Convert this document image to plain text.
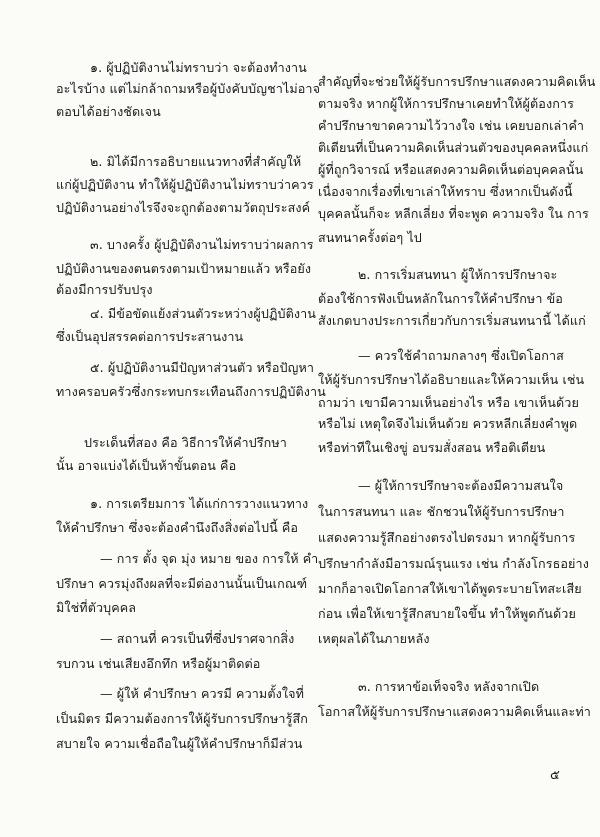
๑. ผู้ปฏิบัติงานไม่ทราบว่า จะต้องทำงาน
อะไรบ้าง แต่ไม่กล้าถามหรือผู้บังคับบัญชาไม่อาจ
ตอบได้อย่างชัดเจน
๒. มิได้มีการอธิบายแนวทางที่สำคัญให้
แก่ผู้ปฏิบัติงาน ทำให้ผู้ปฏิบัติงานไม่ทราบว่าควร
ปฏิบัติงานอย่างไรจึงจะถูกต้องตามวัตถุประสงค์
๓. บางครั้ง ผู้ปฏิบัติงานไม่ทราบว่าผลการ
ปฏิบัติงานของตนตรงตามเป้าหมายแล้ว หรือยัง
ต้องมีการปรับปรุง
๔. มีข้อขัดแย้งส่วนตัวระหว่างผู้ปฏิบัติงาน
ซึ่งเป็นอุปสรรคต่อการประสานงาน
๕. ผู้ปฏิบัติงานมีปัญหาส่วนตัว หรือปัญหา
ทางครอบครัวซึ่งกระทบกระเทือนถึงการปฏิบัติงาน
ประเด็นที่สอง คือ วิธีการให้คำปรึกษา
นั้น อาจแบ่งได้เป็นห้าขั้นตอน คือ
๑. การเตรียมการ ได้แก่การวางแนวทาง
ให้คำปรึกษา ซึ่งจะต้องคำนึงถึงสิ่งต่อไปนี้ คือ
— การ ตั้ง จุด มุ่ง หมาย ของ การให้ คำ
ปรึกษา ควรมุ่งถึงผลที่จะมีต่องานนั้นเป็นเกณฑ์
มิใช่ที่ตัวบุคคล
— สถานที่ ควรเป็นที่ซึ่งปราศจากสิ่ง
รบกวน เช่นเสียงอึกทึก หรือผู้มาติดต่อ
— ผู้ให้ คำปรึกษา ควรมี ความตั้งใจที่
เป็นมิตร มีความต้องการให้ผู้รับการปรึกษารู้สึก
สบายใจ ความเชื่อถือในผู้ให้คำปรึกษาก็มีส่วน
สำคัญที่จะช่วยให้ผู้รับการปรึกษาแสดงความคิดเห็น
ตามจริง หากผู้ให้การปรึกษาเคยทำให้ผู้ต้องการ
คำปรึกษาขาดความไว้วางใจ เช่น เคยบอกเล่าคำ
ติเตียนที่เป็นความคิดเห็นส่วนตัวของบุคคลหนึ่งแก่
ผู้ที่ถูกวิจารณ์ หรือแสดงความคิดเห็นต่อบุคคลนั้น
เนื่องจากเรื่องที่เขาเล่าให้ทราบ ซึ่งหากเป็นดังนี้
บุคคลนั้นก็จะ หลีกเลี่ยง ที่จะพูด ความจริง ใน การ
สนทนาครั้งต่อๆ ไป
๒. การเริ่มสนทนา ผู้ให้การปรึกษาจะ
ต้องใช้การฟังเป็นหลักในการให้คำปรึกษา ข้อ
สังเกตบางประการเกี่ยวกับการเริ่มสนทนานี้ ได้แก่
— ควรใช้คำถามกลางๆ ซึ่งเปิดโอกาส
ให้ผู้รับการปรึกษาได้อธิบายและให้ความเห็น เช่น
ถามว่า เขามีความเห็นอย่างไร หรือ เขาเห็นด้วย
หรือไม่ เหตุใดจึงไม่เห็นด้วย ควรหลีกเลี่ยงคำพูด
หรือท่าทีในเชิงขู่ อบรมสั่งสอน หรือติเตียน
— ผู้ให้การปรึกษาจะต้องมีความสนใจ
ในการสนทนา และ ชักชวนให้ผู้รับการปรึกษา
แสดงความรู้สึกอย่างตรงไปตรงมา หากผู้รับการ
ปรึกษากำลังมีอารมณ์รุนแรง เช่น กำลังโกรธอย่าง
มากก็อาจเปิดโอกาสให้เขาได้พูดระบายโทสะเสีย
ก่อน เพื่อให้เขารู้สึกสบายใจขึ้น ทำให้พูดกันด้วย
เหตุผลได้ในภายหลัง
๓. การหาข้อเท็จจริง หลังจากเปิด
โอกาสให้ผู้รับการปรึกษาแสดงความคิดเห็นและท่า
๕
